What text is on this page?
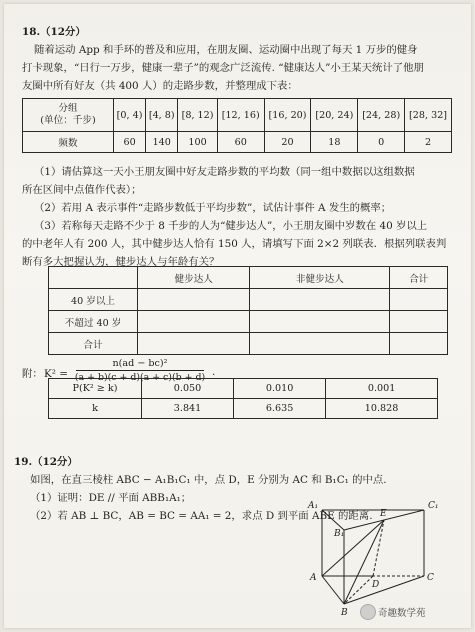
18.（12分）
随着运动 App 和手环的普及和应用，在朋友圈、运动圈中出现了每天 1 万步的健身
打卡现象，“日行一万步，健康一辈子”的观念广泛流传. “健康达人”小王某天统计了他朋
友圈中所有好友（共 400 人）的走路步数，并整理成下表：
分组
(单位：千步)	[0, 4)	[4, 8)	[8, 12)	[12, 16)	[16, 20)	[20, 24)	[24, 28)	[28, 32]
频数	60	140	100	60	20	18	0	2
（1）请估算这一天小王朋友圈中好友走路步数的平均数（同一组中数据以这组数据
所在区间中点值作代表）；
（2）若用 A 表示事件“走路步数低于平均步数”，试估计事件 A 发生的概率；
（3）若称每天走路不少于 8 千步的人为“健步达人”，小王朋友圈中岁数在 40 岁以上
的中老年人有 200 人，其中健步达人恰有 150 人，请填写下面 2×2 列联表．根据列联表判
断有多大把握认为，健步达人与年龄有关？
	健步达人	非健步达人	合计
40 岁以上			
不超过 40 岁			
合计			
附： K² =
n(ad − bc)²
(a + b)(c + d)(a + c)(b + d) .
P(K² ≥ k)	0.050	0.010	0.001
k	3.841	6.635	10.828
19.（12分）
如图，在直三棱柱 ABC − A₁B₁C₁ 中，点 D，E 分别为 AC 和 B₁C₁ 的中点.
（1）证明：DE // 平面 ABB₁A₁；
（2）若 AB ⊥ BC，AB = BC = AA₁ = 2，求点 D 到平面 ABE 的距离.
A₁	C₁
B₁
E
A	C
D
B	奇趣数学苑
